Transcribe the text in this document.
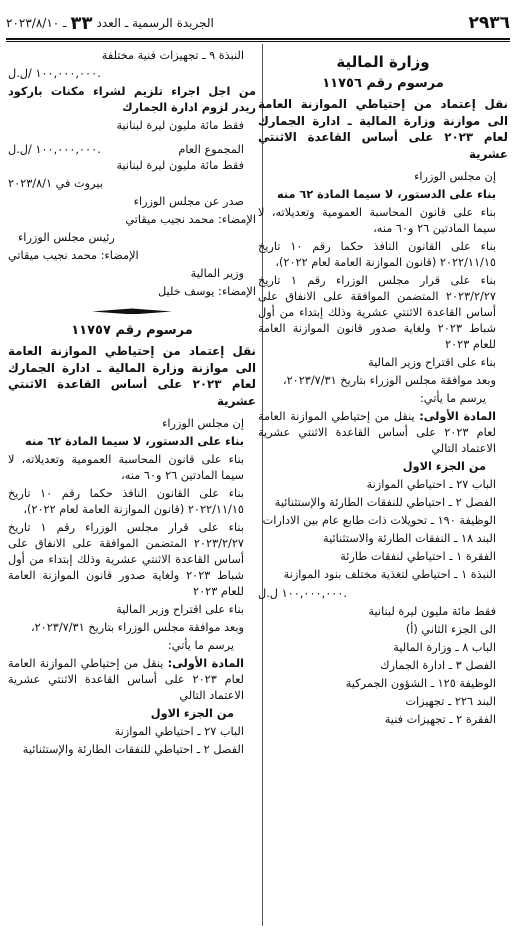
٢٩٣٦
الجريدة الرسمية ـ العدد
٣٣
ـ ٢٠٢٣/٨/١٠
وزارة المالية
مرسوم رقم ١١٧٥٦
نقل إعتماد من إحتياطي الموازنة العامة الى موازنة وزارة المالية ـ ادارة الجمارك لعام ٢٠٢٣ على أساس القاعدة الاثنتي عشرية

إن مجلس الوزراء

بناء على الدستور، لا سيما المادة ٦٢ منه

بناء على قانون المحاسبة العمومية وتعديلاته، لا سيما المادتين ٢٦ و٦٠ منه،

بناء على القانون النافذ حكما رقم ١٠ تاريخ ٢٠٢٢/١١/١٥ (قانون الموازنة العامة لعام ٢٠٢٢)،

بناء على قرار مجلس الوزراء رقم ١ تاريخ ٢٠٢٣/٢/٢٧ المتضمن الموافقة على الانفاق على أساس القاعدة الاثنتي عشرية وذلك إبتداء من أول شباط ٢٠٢٣ ولغاية صدور قانون الموازنة العامة للعام ٢٠٢٣

بناء على اقتراح وزير المالية

وبعد موافقة مجلس الوزراء بتاريخ ٢٠٢٣/٧/٣١،

يرسم ما يأتي:

المادة الأولى: ينقل من إحتياطي الموازنة العامة لعام ٢٠٢٣ على أساس القاعدة الاثنتي عشرية الاعتماد التالي

من الجزء الاول

الباب ٢٧ ـ احتياطي الموازنة

الفصل ٢ ـ احتياطي للنفقات الطارئة والإستثنائية

الوظيفة ١٩٠ ـ تحويلات ذات طابع عام بين الادارات

البند ١٨ ـ النفقات الطارئة والاستثنائية

الفقرة ١ ـ احتياطي لنفقات طارئة

النبذة ١ ـ احتياطي لتغذية مختلف بنود الموازنة

١٠٠,٠٠٠,٠٠٠ ل.ل.

فقط مائة مليون ليرة لبنانية

الى الجزء الثاني (أ)

الباب ٨ ـ وزارة المالية

الفصل ٣ ـ ادارة الجمارك

الوظيفة ١٢٥ ـ الشؤون الجمركية

البند ٢٢٦ ـ تجهيزات

الفقرة ٢ ـ تجهيزات فنية

النبذة ٩ ـ تجهيزات فنية مختلفة

١٠٠,٠٠٠,٠٠٠ /ل.ل.

من اجل اجراء تلزيم لشراء مكنات باركود ريدر لزوم ادارة الجمارك

فقط مائة مليون ليرة لبنانية

المجموع العام
١٠٠,٠٠٠,٠٠٠ /ل.ل.

فقط مائة مليون ليرة لبنانية

بيروت في ٢٠٢٣/٨/١

صدر عن مجلس الوزراء

الإمضاء: محمد نجيب ميقاتي

رئيس مجلس الوزراء

الإمضاء: محمد نجيب ميقاتي

وزير المالية

الإمضاء: يوسف خليل

مرسوم رقم ١١٧٥٧
نقل إعتماد من إحتياطي الموازنة العامة الى موازنة وزارة المالية ـ ادارة الجمارك لعام ٢٠٢٣ على أساس القاعدة الاثنتي عشرية

إن مجلس الوزراء

بناء على الدستور، لا سيما المادة ٦٢ منه

بناء على قانون المحاسبة العمومية وتعديلاته، لا سيما المادتين ٢٦ و٦٠ منه،

بناء على القانون النافذ حكما رقم ١٠ تاريخ ٢٠٢٢/١١/١٥ (قانون الموازنة العامة لعام ٢٠٢٢)،

بناء على قرار مجلس الوزراء رقم ١ تاريخ ٢٠٢٣/٢/٢٧ المتضمن الموافقة على الانفاق على أساس القاعدة الاثنتي عشرية وذلك إبتداء من أول شباط ٢٠٢٣ ولغاية صدور قانون الموازنة العامة للعام ٢٠٢٣

بناء على اقتراح وزير المالية

وبعد موافقة مجلس الوزراء بتاريخ ٢٠٢٣/٧/٣١،

يرسم ما يأتي:

المادة الأولى: ينقل من إحتياطي الموازنة العامة لعام ٢٠٢٣ على أساس القاعدة الاثنتي عشرية الاعتماد التالي

من الجزء الاول

الباب ٢٧ ـ احتياطي الموازنة

الفصل ٢ ـ احتياطي للنفقات الطارئة والإستثنائية
